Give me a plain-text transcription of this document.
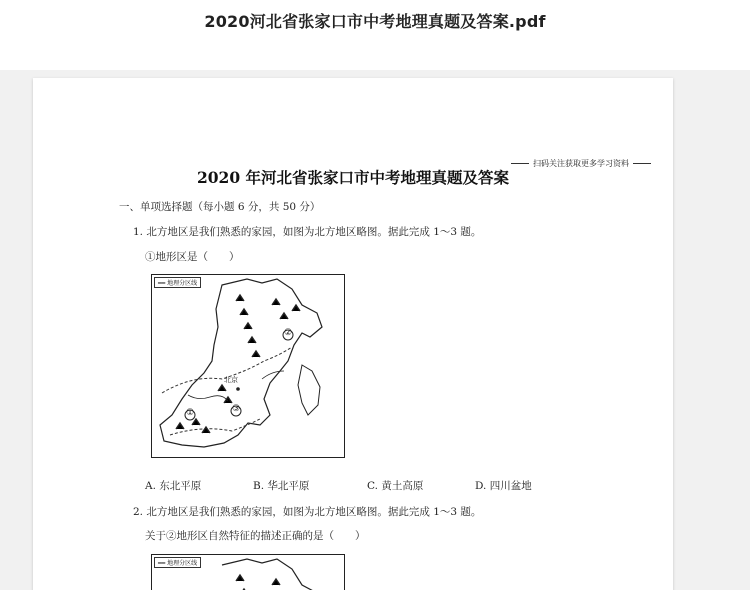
2020河北省张家口市中考地理真题及答案.pdf
扫码关注获取更多学习资料
2020 年河北省张家口市中考地理真题及答案
一、单项选择题（每小题 6 分，共 50 分）
1. 北方地区是我们熟悉的家园，如图为北方地区略图。据此完成 1～3 题。
①地形区是（　　）
━━ 地理分区线
②
③
①
北京
A. 东北平原	B. 华北平原	C. 黄土高原	D. 四川盆地
2. 北方地区是我们熟悉的家园，如图为北方地区略图。据此完成 1～3 题。
关于②地形区自然特征的描述正确的是（　　）
━━ 地理分区线
